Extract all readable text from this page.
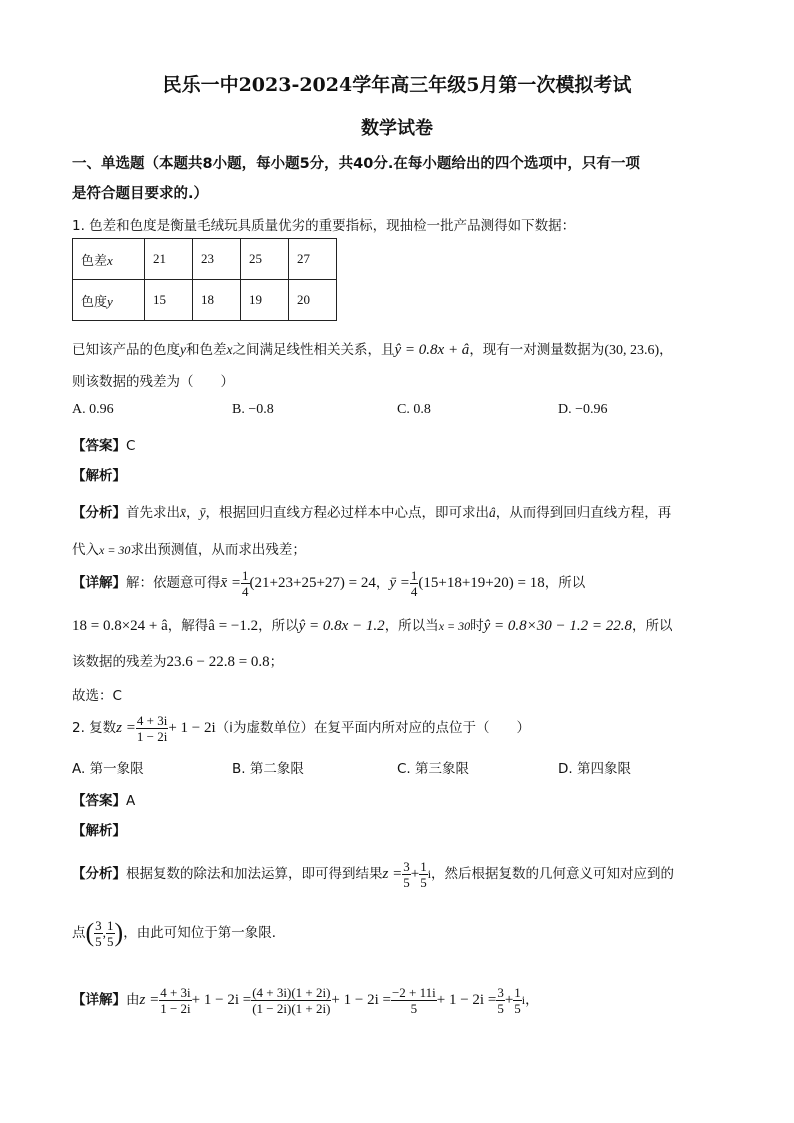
民乐一中2023-2024学年高三年级5月第一次模拟考试
数学试卷
一、单选题（本题共8小题，每小题5分，共40分.在每小题给出的四个选项中，只有一项
是符合题目要求的.）
1. 色差和色度是衡量毛绒玩具质量优劣的重要指标，现抽检一批产品测得如下数据：
色差x	21	23	25	27
色度y	15	18	19	20
已知该产品的色度y和色差x之间满足线性相关关系，且ŷ = 0.8x + â，现有一对测量数据为(30, 23.6)，
则该数据的残差为（　　）
A. 0.96	B. −0.8	C. 0.8	D. −0.96
【答案】C
【解析】
【分析】首先求出x̄，ȳ，根据回归直线方程必过样本中心点，即可求出â，从而得到回归直线方程，再
代入x = 30求出预测值，从而求出残差；
【详解】解：依题意可得x̄ = $\frac{1}{4} (21+23+25+27) = 24$，ȳ = $\frac{1}{4} (15+18+19+20) = 18$，所以
18 = 0.8×24 + â，解得â = −1.2，所以ŷ = 0.8x − 1.2，所以当x = 30时ŷ = 0.8×30 − 1.2 = 22.8，所以
该数据的残差为23.6 − 22.8 = 0.8；
故选：C
2. 复数$z = \frac{4 + 3i}{1 - 2i} + 1 - 2i(i$为虚数单位）在复平面内所对应的点位于（　　）
A. 第一象限	B. 第二象限	C. 第三象限	D. 第四象限
【答案】A
【解析】
【分析】根据复数的除法和加法运算，即可得到结果$z = \frac{3}{5} + \frac{1}{5}$ i，然后根据复数的几何意义可知对应到的
点( $\frac{3}{5}$ , $\frac{1}{5}$ )，由此可知位于第一象限．
【详解】由$z = \frac{4 + 3i}{1 - 2i} + 1 - 2i = \frac{(4 + 3i)(1 + 2i)}{(1 - 2i)(1 + 2i)} + 1 - 2i = \frac{-2 + 11i}{5} + 1 - 2i = \frac{3}{5} + \frac{1}{5}$ i，
